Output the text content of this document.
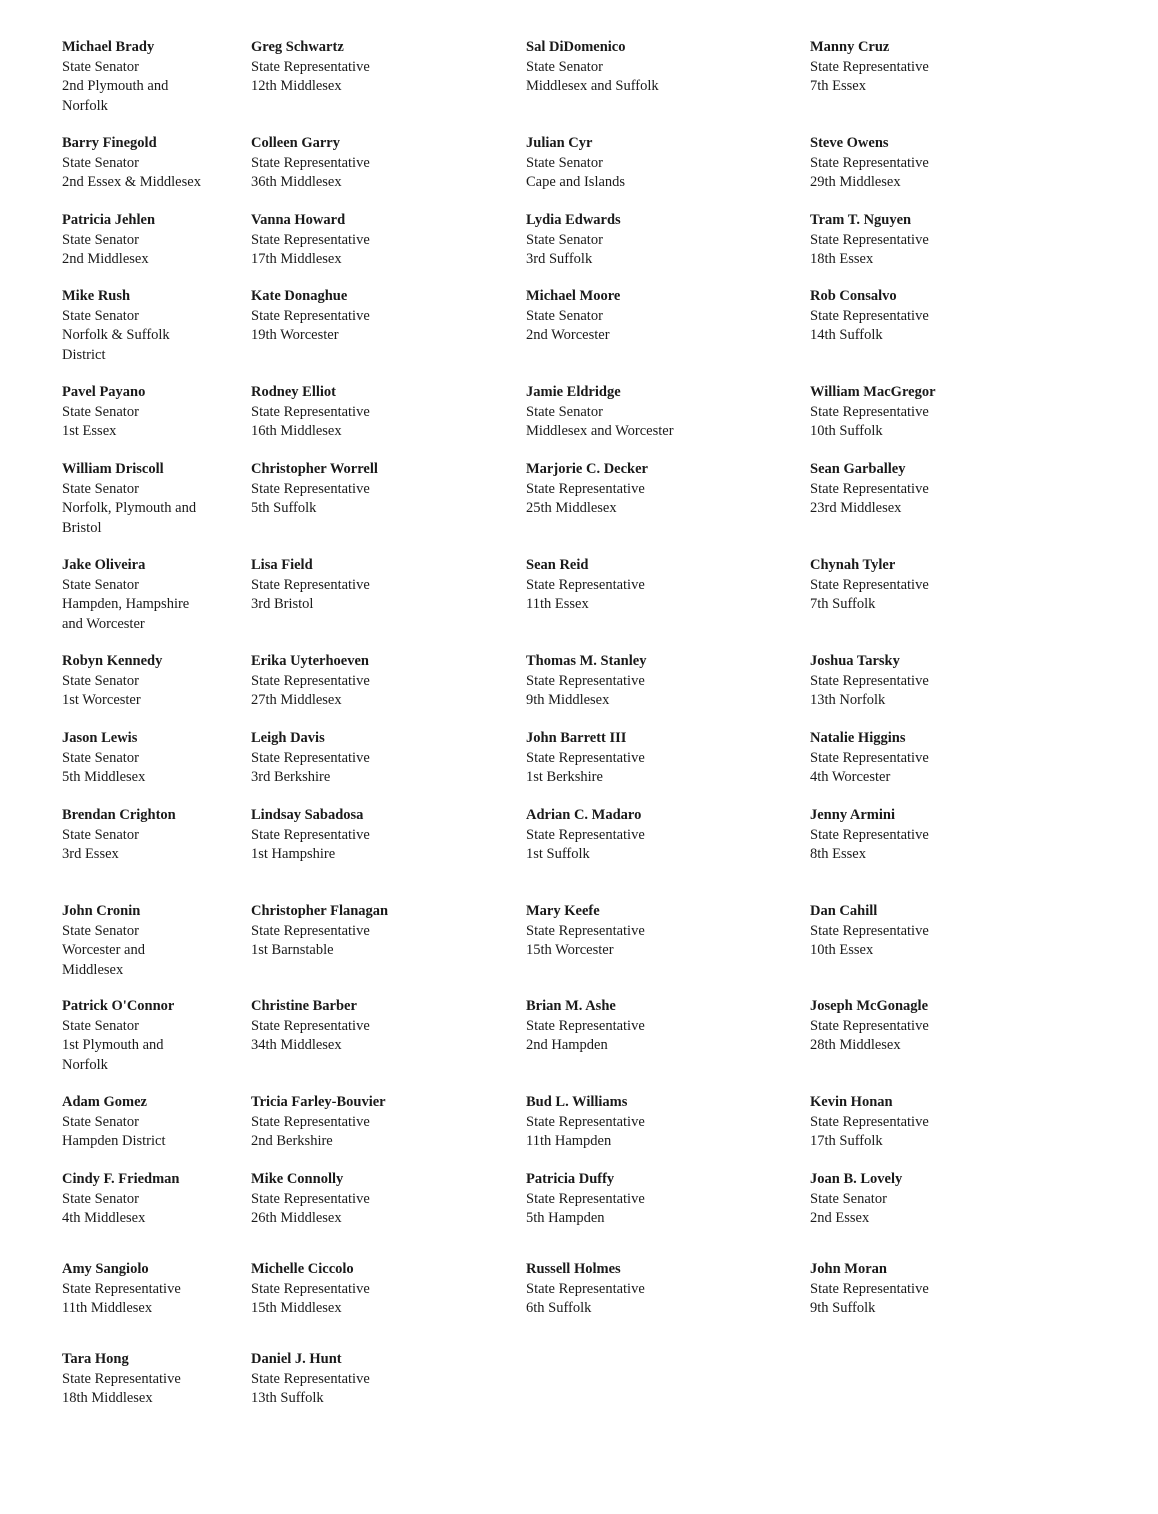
Michael Brady
State Senator
2nd Plymouth and
Norfolk
Barry Finegold
State Senator
2nd Essex & Middlesex
Patricia Jehlen
State Senator
2nd Middlesex
Mike Rush
State Senator
Norfolk & Suffolk
District
Pavel Payano
State Senator
1st Essex
William Driscoll
State Senator
Norfolk, Plymouth and
Bristol
Jake Oliveira
State Senator
Hampden, Hampshire
and Worcester
Robyn Kennedy
State Senator
1st Worcester
Jason Lewis
State Senator
5th Middlesex
Brendan Crighton
State Senator
3rd Essex
John Cronin
State Senator
Worcester and
Middlesex
Patrick O'Connor
State Senator
1st Plymouth and
Norfolk
Adam Gomez
State Senator
Hampden District
Cindy F. Friedman
State Senator
4th Middlesex
Amy Sangiolo
State Representative
11th Middlesex
Tara Hong
State Representative
18th Middlesex
Greg Schwartz
State Representative
12th Middlesex
Colleen Garry
State Representative
36th Middlesex
Vanna Howard
State Representative
17th Middlesex
Kate Donaghue
State Representative
19th Worcester
Rodney Elliot
State Representative
16th Middlesex
Christopher Worrell
State Representative
5th Suffolk
Lisa Field
State Representative
3rd Bristol
Erika Uyterhoeven
State Representative
27th Middlesex
Leigh Davis
State Representative
3rd Berkshire
Lindsay Sabadosa
State Representative
1st Hampshire
Christopher Flanagan
State Representative
1st Barnstable
Christine Barber
State Representative
34th Middlesex
Tricia Farley-Bouvier
State Representative
2nd Berkshire
Mike Connolly
State Representative
26th Middlesex
Michelle Ciccolo
State Representative
15th Middlesex
Daniel J. Hunt
State Representative
13th Suffolk
Sal DiDomenico
State Senator
Middlesex and Suffolk
Julian Cyr
State Senator
Cape and Islands
Lydia Edwards
State Senator
3rd Suffolk
Michael Moore
State Senator
2nd Worcester
Jamie Eldridge
State Senator
Middlesex and Worcester
Marjorie C. Decker
State Representative
25th Middlesex
Sean Reid
State Representative
11th Essex
Thomas M. Stanley
State Representative
9th Middlesex
John Barrett III
State Representative
1st Berkshire
Adrian C. Madaro
State Representative
1st Suffolk
Mary Keefe
State Representative
15th Worcester
Brian M. Ashe
State Representative
2nd Hampden
Bud L. Williams
State Representative
11th Hampden
Patricia Duffy
State Representative
5th Hampden
Russell Holmes
State Representative
6th Suffolk
Manny Cruz
State Representative
7th Essex
Steve Owens
State Representative
29th Middlesex
Tram T. Nguyen
State Representative
18th Essex
Rob Consalvo
State Representative
14th Suffolk
William MacGregor
State Representative
10th Suffolk
Sean Garballey
State Representative
23rd Middlesex
Chynah Tyler
State Representative
7th Suffolk
Joshua Tarsky
State Representative
13th Norfolk
Natalie Higgins
State Representative
4th Worcester
Jenny Armini
State Representative
8th Essex
Dan Cahill
State Representative
10th Essex
Joseph McGonagle
State Representative
28th Middlesex
Kevin Honan
State Representative
17th Suffolk
Joan B. Lovely
State Senator
2nd Essex
John Moran
State Representative
9th Suffolk
